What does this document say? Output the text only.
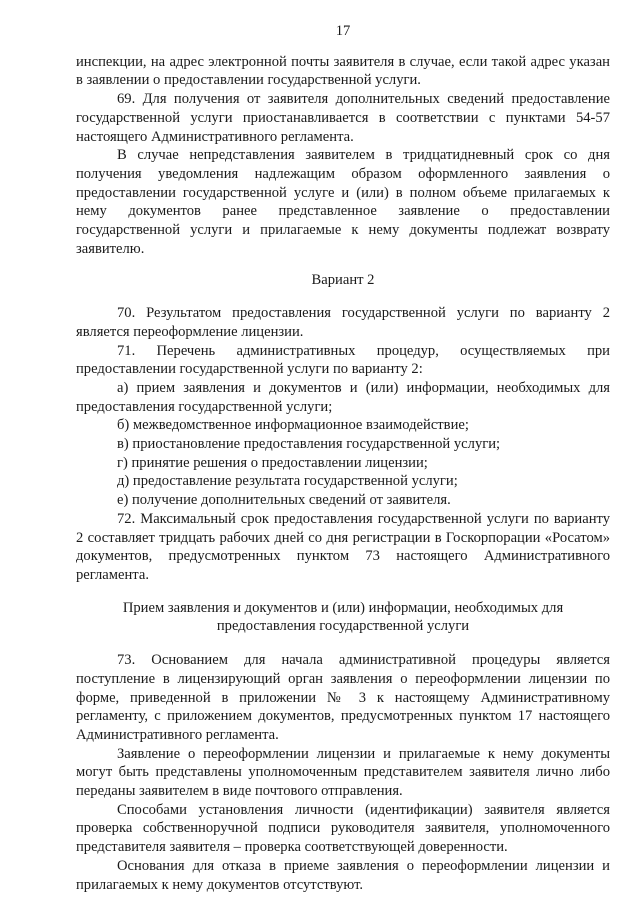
17

инспекции, на адрес электронной почты заявителя в случае, если такой адрес указан в заявлении о предоставлении государственной услуги.

69. Для получения от заявителя дополнительных сведений предоставление государственной услуги приостанавливается в соответствии с пунктами 54-57 настоящего Административного регламента.

В случае непредставления заявителем в тридцатидневный срок со дня получения уведомления надлежащим образом оформленного заявления о предоставлении государственной услуге и (или) в полном объеме прилагаемых к нему документов ранее представленное заявление о предоставлении государственной услуги и прилагаемые к нему документы подлежат возврату заявителю.

Вариант 2

70. Результатом предоставления государственной услуги по варианту 2 является переоформление лицензии.

71. Перечень административных процедур, осуществляемых при предоставлении государственной услуги по варианту 2:

а) прием заявления и документов и (или) информации, необходимых для предоставления государственной услуги;

б) межведомственное информационное взаимодействие;

в) приостановление предоставления государственной услуги;

г) принятие решения о предоставлении лицензии;

д) предоставление результата государственной услуги;

е) получение дополнительных сведений от заявителя.

72. Максимальный срок предоставления государственной услуги по варианту 2 составляет тридцать рабочих дней со дня регистрации в Госкорпорации «Росатом» документов, предусмотренных пунктом 73 настоящего Административного регламента.

Прием заявления и документов и (или) информации, необходимых для предоставления государственной услуги

73. Основанием для начала административной процедуры является поступление в лицензирующий орган заявления о переоформлении лицензии по форме, приведенной в приложении № 3 к настоящему Административному регламенту, с приложением документов, предусмотренных пунктом 17 настоящего Административного регламента.

Заявление о переоформлении лицензии и прилагаемые к нему документы могут быть представлены уполномоченным представителем заявителя лично либо переданы заявителем в виде почтового отправления.

Способами установления личности (идентификации) заявителя является проверка собственноручной подписи руководителя заявителя, уполномоченного представителя заявителя – проверка соответствующей доверенности.

Основания для отказа в приеме заявления о переоформлении лицензии и прилагаемых к нему документов отсутствуют.
